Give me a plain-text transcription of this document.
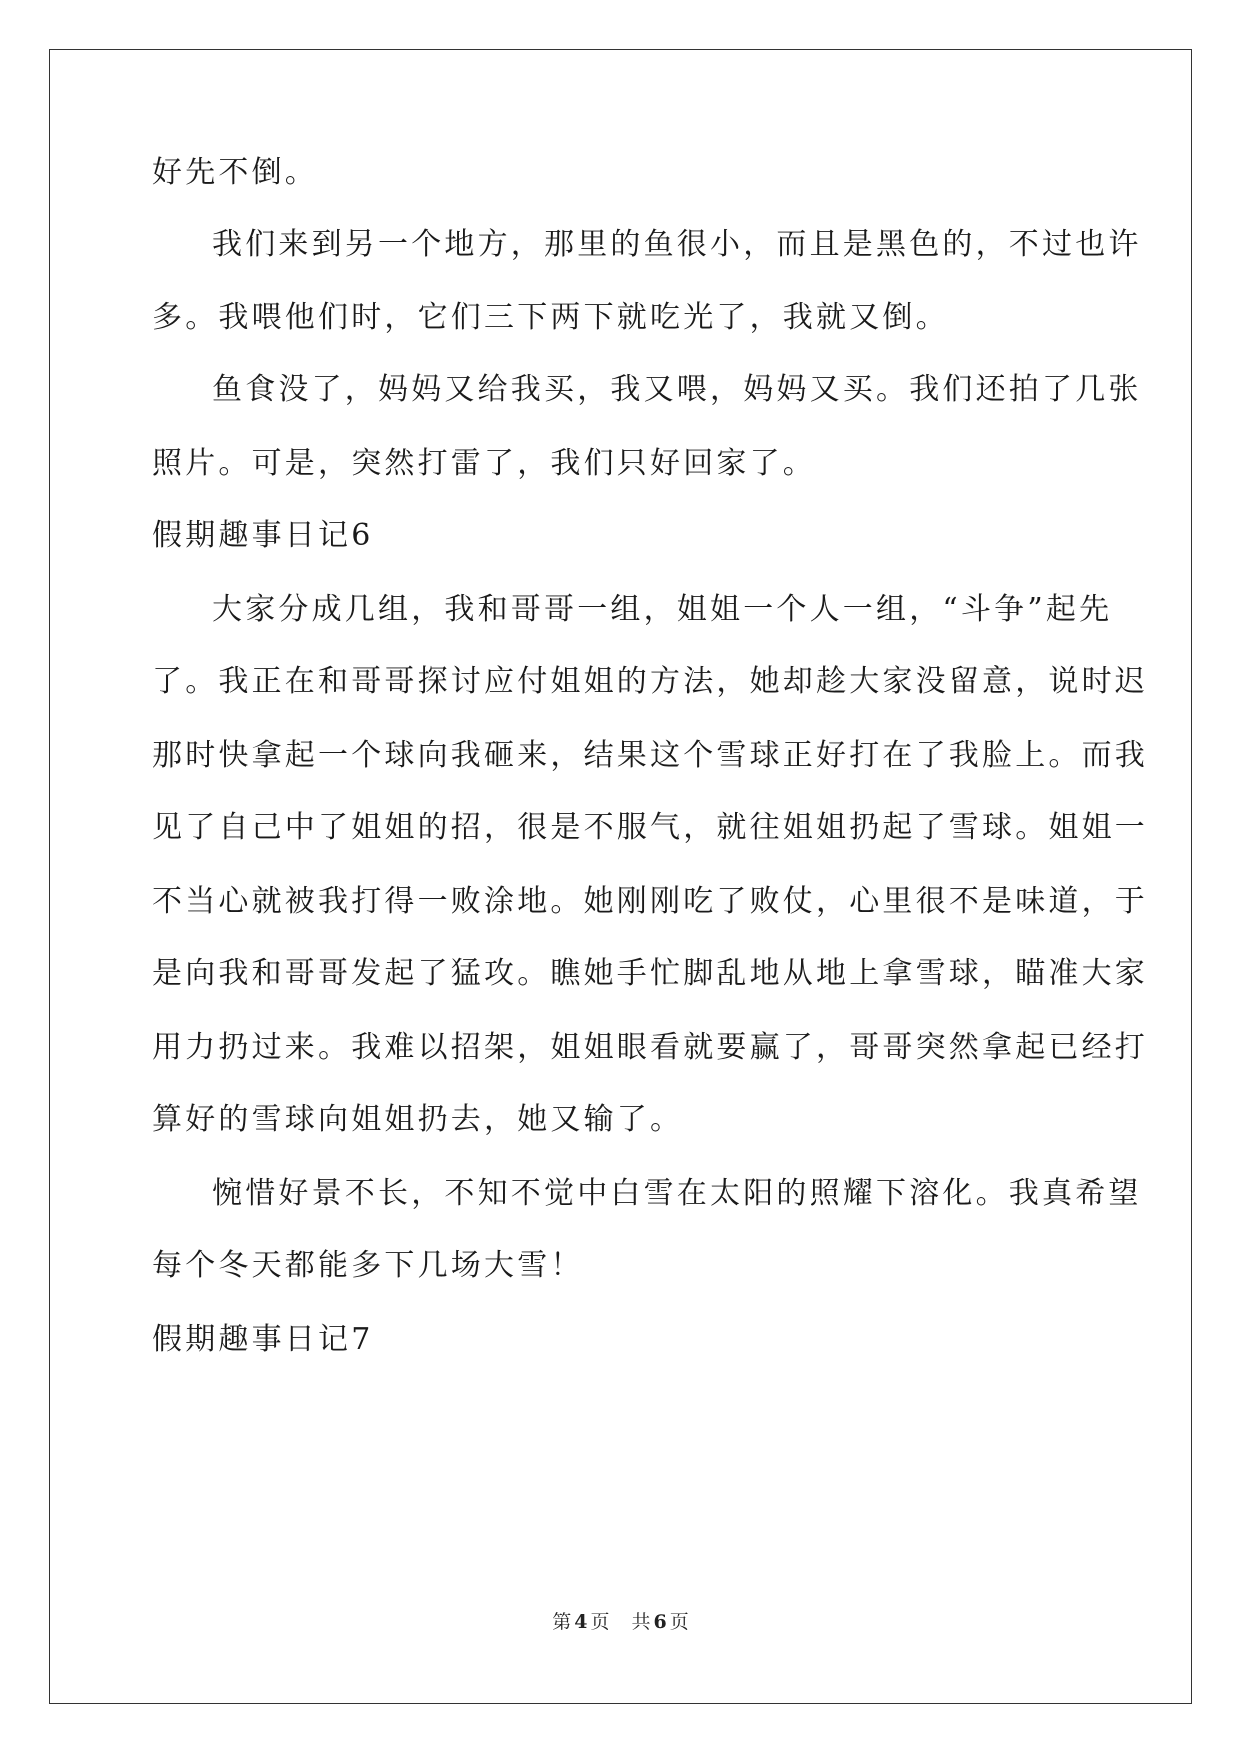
好先不倒。
我们来到另一个地方，那里的鱼很小，而且是黑色的，不过也许
多。我喂他们时，它们三下两下就吃光了，我就又倒。
鱼食没了，妈妈又给我买，我又喂，妈妈又买。我们还拍了几张
照片。可是，突然打雷了，我们只好回家了。
假期趣事日记6
大家分成几组，我和哥哥一组，姐姐一个人一组，“斗争”起先
了。我正在和哥哥探讨应付姐姐的方法，她却趁大家没留意，说时迟
那时快拿起一个球向我砸来，结果这个雪球正好打在了我脸上。而我
见了自己中了姐姐的招，很是不服气，就往姐姐扔起了雪球。姐姐一
不当心就被我打得一败涂地。她刚刚吃了败仗，心里很不是味道，于
是向我和哥哥发起了猛攻。瞧她手忙脚乱地从地上拿雪球，瞄准大家
用力扔过来。我难以招架，姐姐眼看就要赢了，哥哥突然拿起已经打
算好的雪球向姐姐扔去，她又输了。
惋惜好景不长，不知不觉中白雪在太阳的照耀下溶化。我真希望
每个冬天都能多下几场大雪！
假期趣事日记7
第 4 页 共 6 页
